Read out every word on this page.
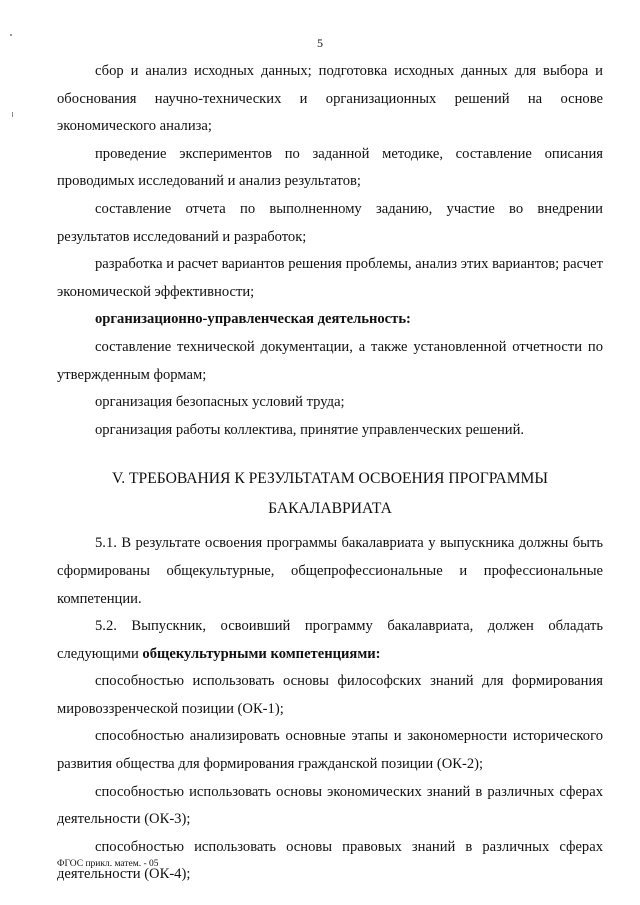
5

сбор и анализ исходных данных; подготовка исходных данных для выбора и обоснования научно-технических и организационных решений на основе экономического анализа;

проведение экспериментов по заданной методике, составление описания проводимых исследований и анализ результатов;

составление отчета по выполненному заданию, участие во внедрении результатов исследований и разработок;

разработка и расчет вариантов решения проблемы, анализ этих вариантов; расчет экономической эффективности;

организационно-управленческая деятельность:

составление технической документации, а также установленной отчетности по утвержденным формам;

организация безопасных условий труда;

организация работы коллектива, принятие управленческих решений.

V. ТРЕБОВАНИЯ К РЕЗУЛЬТАТАМ ОСВОЕНИЯ ПРОГРАММЫ
БАКАЛАВРИАТА

5.1. В результате освоения программы бакалавриата у выпускника должны быть сформированы общекультурные, общепрофессиональные и профессиональные компетенции.

5.2. Выпускник, освоивший программу бакалавриата, должен обладать следующими общекультурными компетенциями:

способностью использовать основы философских знаний для формирования мировоззренческой позиции (ОК-1);

способностью анализировать основные этапы и закономерности исторического развития общества для формирования гражданской позиции (ОК-2);

способностью использовать основы экономических знаний в различных сферах деятельности (ОК-3);

способностью использовать основы правовых знаний в различных сферах деятельности (ОК-4);

ФГОС прикл. матем. - 05
